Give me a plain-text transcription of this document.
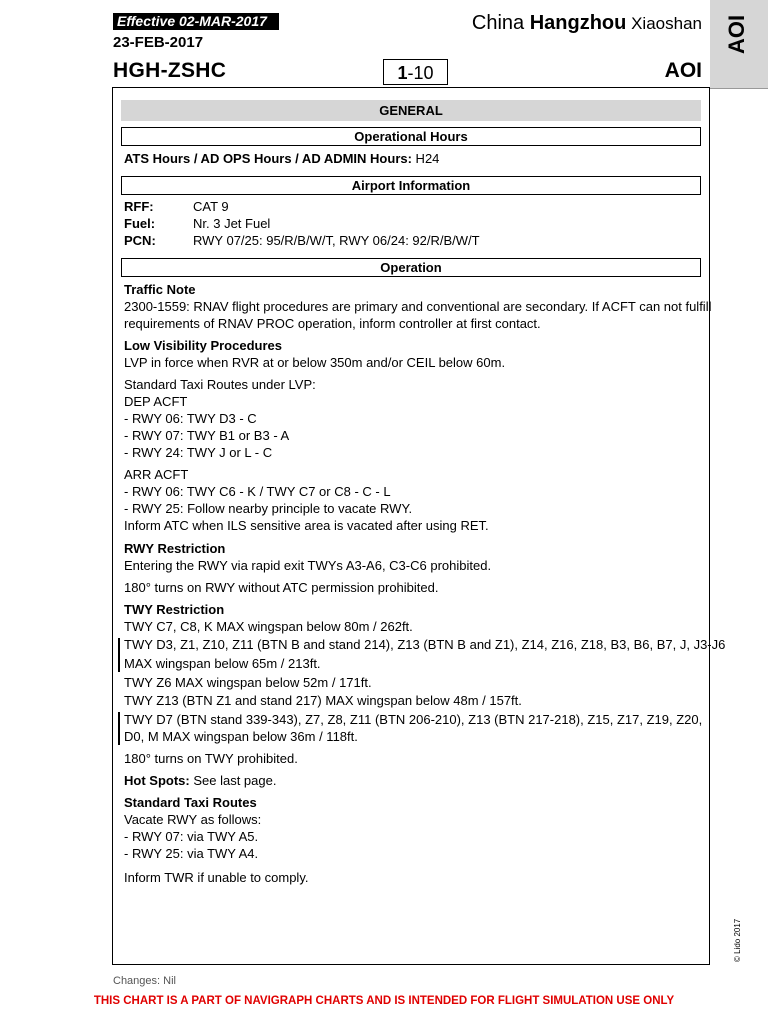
Effective 02-MAR-2017
23-FEB-2017
HGH-ZSHC
China Hangzhou Xiaoshan
1-10	AOI
AOI
GENERAL
Operational Hours
ATS Hours / AD OPS Hours / AD ADMIN Hours: H24
Airport Information
RFF:	CAT 9
Fuel:	Nr. 3 Jet Fuel
PCN:	RWY 07/25: 95/R/B/W/T, RWY 06/24: 92/R/B/W/T
Operation
Traffic Note
2300-1559: RNAV flight procedures are primary and conventional are secondary. If ACFT can not fulfill
requirements of RNAV PROC operation, inform controller at first contact.
Low Visibility Procedures
LVP in force when RVR at or below 350m and/or CEIL below 60m.
Standard Taxi Routes under LVP:
DEP ACFT
- RWY 06: TWY D3 - C
- RWY 07: TWY B1 or B3 - A
- RWY 24: TWY J or L - C
ARR ACFT
- RWY 06: TWY C6 - K / TWY C7 or C8 - C - L
- RWY 25: Follow nearby principle to vacate RWY.
Inform ATC when ILS sensitive area is vacated after using RET.
RWY Restriction
Entering the RWY via rapid exit TWYs A3-A6, C3-C6 prohibited.
180° turns on RWY without ATC permission prohibited.
TWY Restriction
TWY C7, C8, K MAX wingspan below 80m / 262ft.
TWY D3, Z1, Z10, Z11 (BTN B and stand 214), Z13 (BTN B and Z1), Z14, Z16, Z18, B3, B6, B7, J, J3-J6
MAX wingspan below 65m / 213ft.
TWY Z6 MAX wingspan below 52m / 171ft.
TWY Z13 (BTN Z1 and stand 217) MAX wingspan below 48m / 157ft.
TWY D7 (BTN stand 339-343), Z7, Z8, Z11 (BTN 206-210), Z13 (BTN 217-218), Z15, Z17, Z19, Z20,
D0, M MAX wingspan below 36m / 118ft.
180° turns on TWY prohibited.
Hot Spots: See last page.
Standard Taxi Routes
Vacate RWY as follows:
- RWY 07: via TWY A5.
- RWY 25: via TWY A4.
Inform TWR if unable to comply.
© Lido 2017
Changes: Nil
THIS CHART IS A PART OF NAVIGRAPH CHARTS AND IS INTENDED FOR FLIGHT SIMULATION USE ONLY
